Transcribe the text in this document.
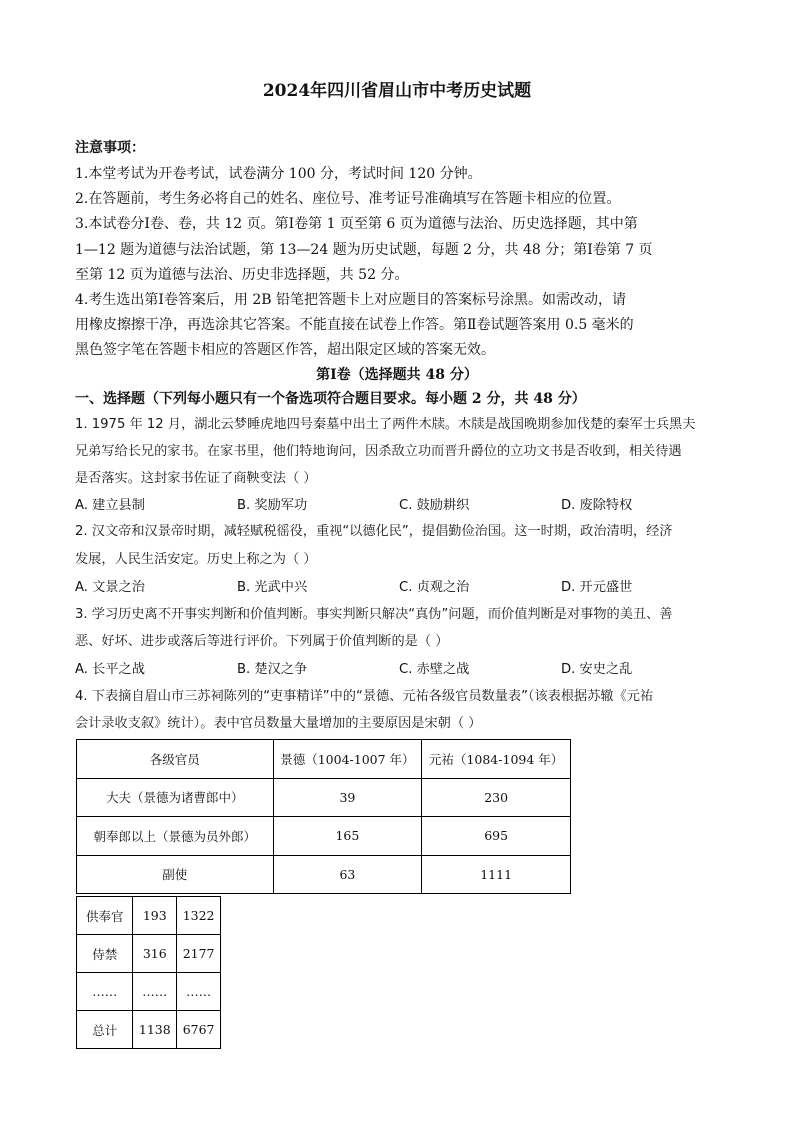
2024年四川省眉山市中考历史试题
注意事项：
1.本堂考试为开卷考试，试卷满分 100 分，考试时间 120 分钟。
2.在答题前，考生务必将自己的姓名、座位号、准考证号准确填写在答题卡相应的位置。
3.本试卷分Ⅰ卷、卷，共 12 页。第Ⅰ卷第 1 页至第 6 页为道德与法治、历史选择题，其中第
1—12 题为道德与法治试题，第 13—24 题为历史试题，每题 2 分，共 48 分；第Ⅰ卷第 7 页
至第 12 页为道德与法治、历史非选择题，共 52 分。
4.考生选出第Ⅰ卷答案后，用 2B 铅笔把答题卡上对应题目的答案标号涂黑。如需改动，请
用橡皮擦擦干净，再选涂其它答案。不能直接在试卷上作答。第Ⅱ卷试题答案用 0.5 毫米的
黑色签字笔在答题卡相应的答题区作答，超出限定区域的答案无效。
第Ⅰ卷（选择题共 48 分）
一、选择题（下列每小题只有一个备选项符合题目要求。每小题 2 分，共 48 分）
1. 1975 年 12 月，湖北云梦睡虎地四号秦墓中出土了两件木牍。木牍是战国晚期参加伐楚的秦军士兵黑夫
兄弟写给长兄的家书。在家书里，他们特地询问，因杀敌立功而晋升爵位的立功文书是否收到，相关待遇
是否落实。这封家书佐证了商鞅变法（ ）
A. 建立县制	B. 奖励军功	C. 鼓励耕织	D. 废除特权
2. 汉文帝和汉景帝时期，减轻赋税徭役，重视“以德化民”，提倡勤俭治国。这一时期，政治清明，经济
发展，人民生活安定。历史上称之为（ ）
A. 文景之治	B. 光武中兴	C. 贞观之治	D. 开元盛世
3. 学习历史离不开事实判断和价值判断。事实判断只解决“真伪”问题，而价值判断是对事物的美丑、善
恶、好坏、进步或落后等进行评价。下列属于价值判断的是（ ）
A. 长平之战	B. 楚汉之争	C. 赤壁之战	D. 安史之乱
4. 下表摘自眉山市三苏祠陈列的“吏事精详”中的“景德、元祐各级官员数量表”（该表根据苏辙《元祐
会计录收支叙》统计）。表中官员数量大量增加的主要原因是宋朝（ ）
各级官员	景德（1004-1007 年）	元祐（1084-1094 年）
大夫（景德为诸曹郎中）	39	230
朝奉郎以上（景德为员外郎）	165	695
副使	63	1111
供奉官	193	1322
侍禁	316	2177
……	……	……
总计	1138	6767
